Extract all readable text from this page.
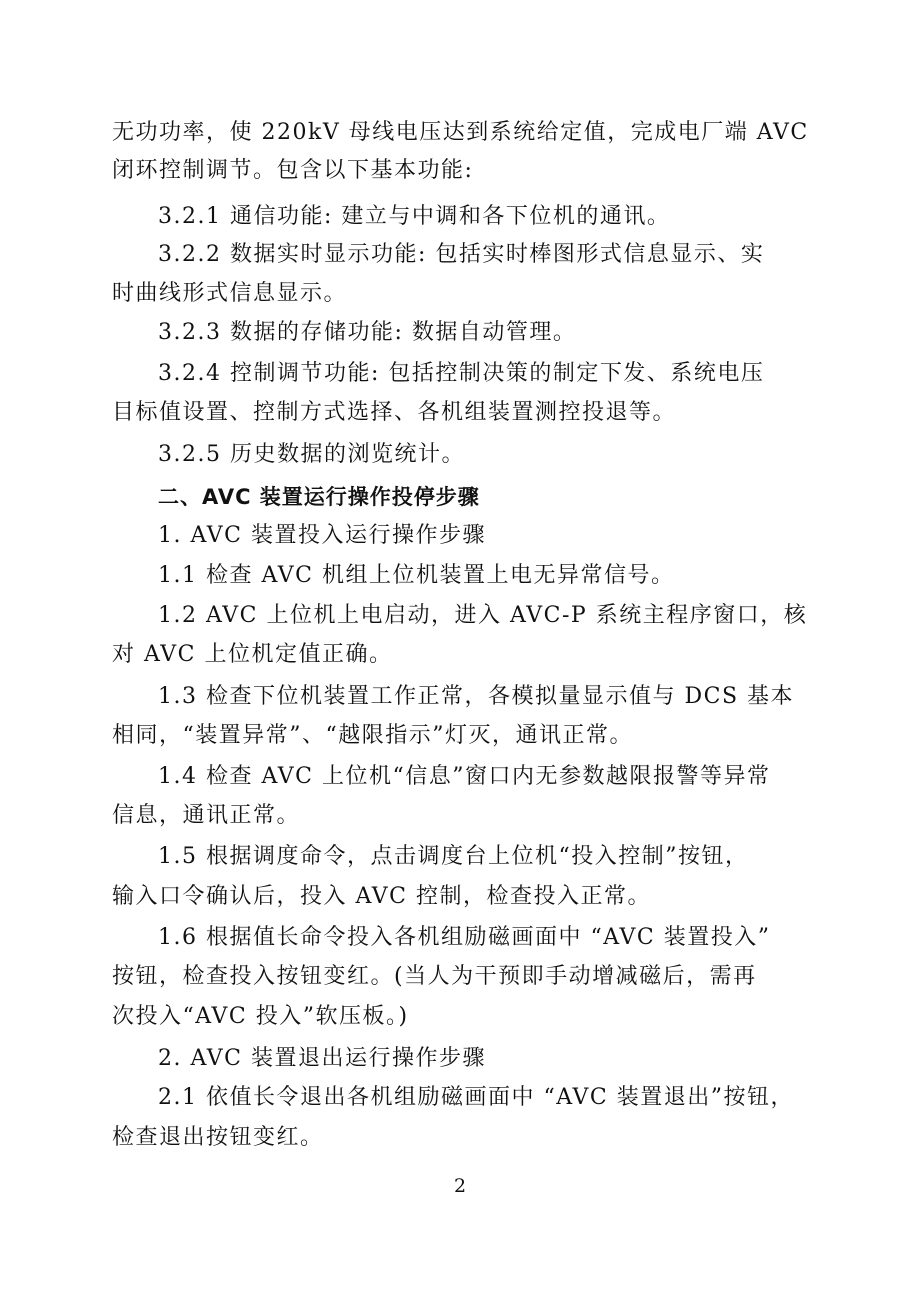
无功功率，使 220kV 母线电压达到系统给定值，完成电厂端 AVC
闭环控制调节。包含以下基本功能:
3.2.1 通信功能: 建立与中调和各下位机的通讯。
3.2.2 数据实时显示功能: 包括实时棒图形式信息显示、实
时曲线形式信息显示。
3.2.3 数据的存储功能: 数据自动管理。
3.2.4 控制调节功能: 包括控制决策的制定下发、系统电压
目标值设置、控制方式选择、各机组装置测控投退等。
3.2.5 历史数据的浏览统计。
二、AVC 装置运行操作投停步骤
1. AVC 装置投入运行操作步骤
1.1 检查 AVC 机组上位机装置上电无异常信号。
1.2 AVC 上位机上电启动，进入 AVC-P 系统主程序窗口，核
对 AVC 上位机定值正确。
1.3 检查下位机装置工作正常，各模拟量显示值与 DCS 基本
相同，“装置异常”、“越限指示”灯灭，通讯正常。
1.4 检查 AVC 上位机“信息”窗口内无参数越限报警等异常
信息，通讯正常。
1.5 根据调度命令，点击调度台上位机“投入控制”按钮，
输入口令确认后，投入 AVC 控制，检查投入正常。
1.6 根据值长命令投入各机组励磁画面中 “AVC 装置投入”
按钮，检查投入按钮变红。(当人为干预即手动增减磁后，需再
次投入“AVC 投入”软压板。)
2. AVC 装置退出运行操作步骤
2.1 依值长令退出各机组励磁画面中 “AVC 装置退出”按钮，
检查退出按钮变红。
2
